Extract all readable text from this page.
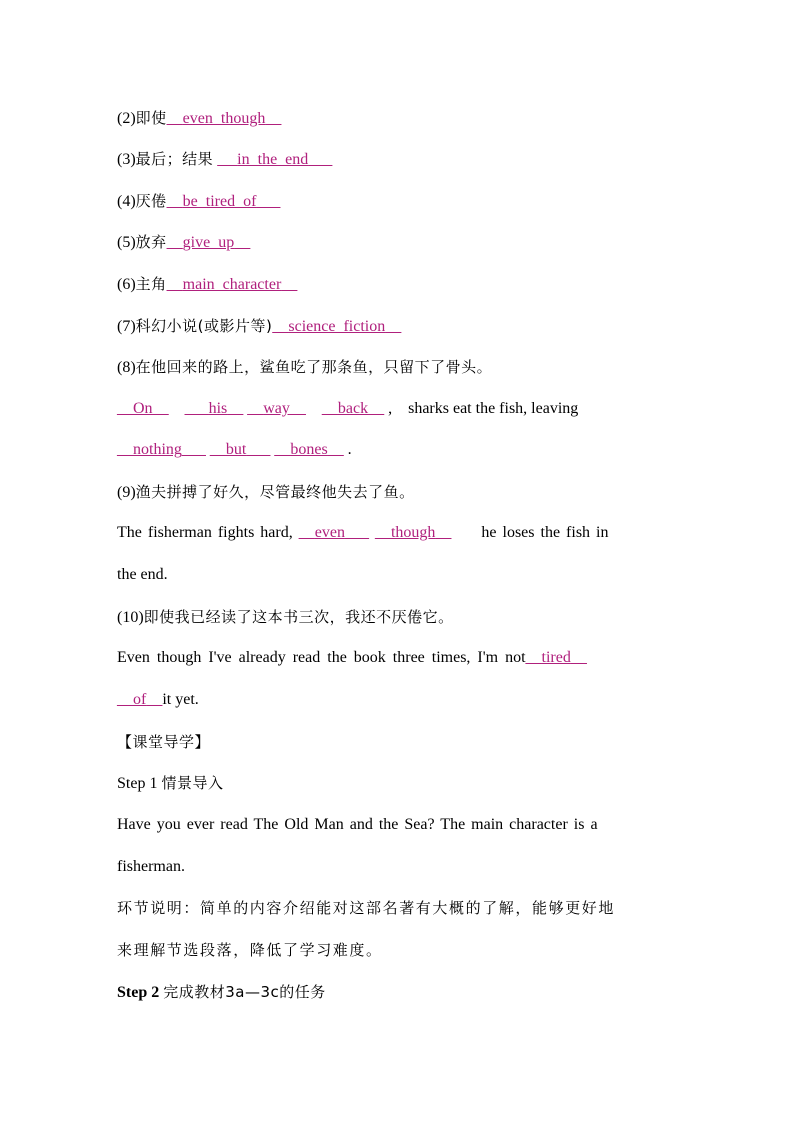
(2)即使__even_though__
(3)最后；结果  __in_the_end___
(4)厌倦__be_tired_of___
(5)放弃__give_up__
(6)主角__main_character__
(7)科幻小说(或影片等)__science_fiction__
(8)在他回来的路上，鲨鱼吃了那条鱼，只留下了骨头。
__On__ ___his__ __way__ __back__ ,    sharks eat the fish, leaving
__nothing___ __but___ __bones__ .
(9)渔夫拼搏了好久，尽管最终他失去了鱼。
The fisherman fights hard, __even___ __though__ he loses the fish in
the end.
(10)即使我已经读了这本书三次，我还不厌倦它。
Even though I've already read the book three times, I'm not__tired__
__of__it yet.
【课堂导学】
Step 1 情景导入
Have you ever read The Old Man and the Sea? The main character is a
fisherman.
环节说明：简单的内容介绍能对这部名著有大概的了解，能够更好地
来理解节选段落，降低了学习难度。
Step 2 完成教材3a—3c的任务
